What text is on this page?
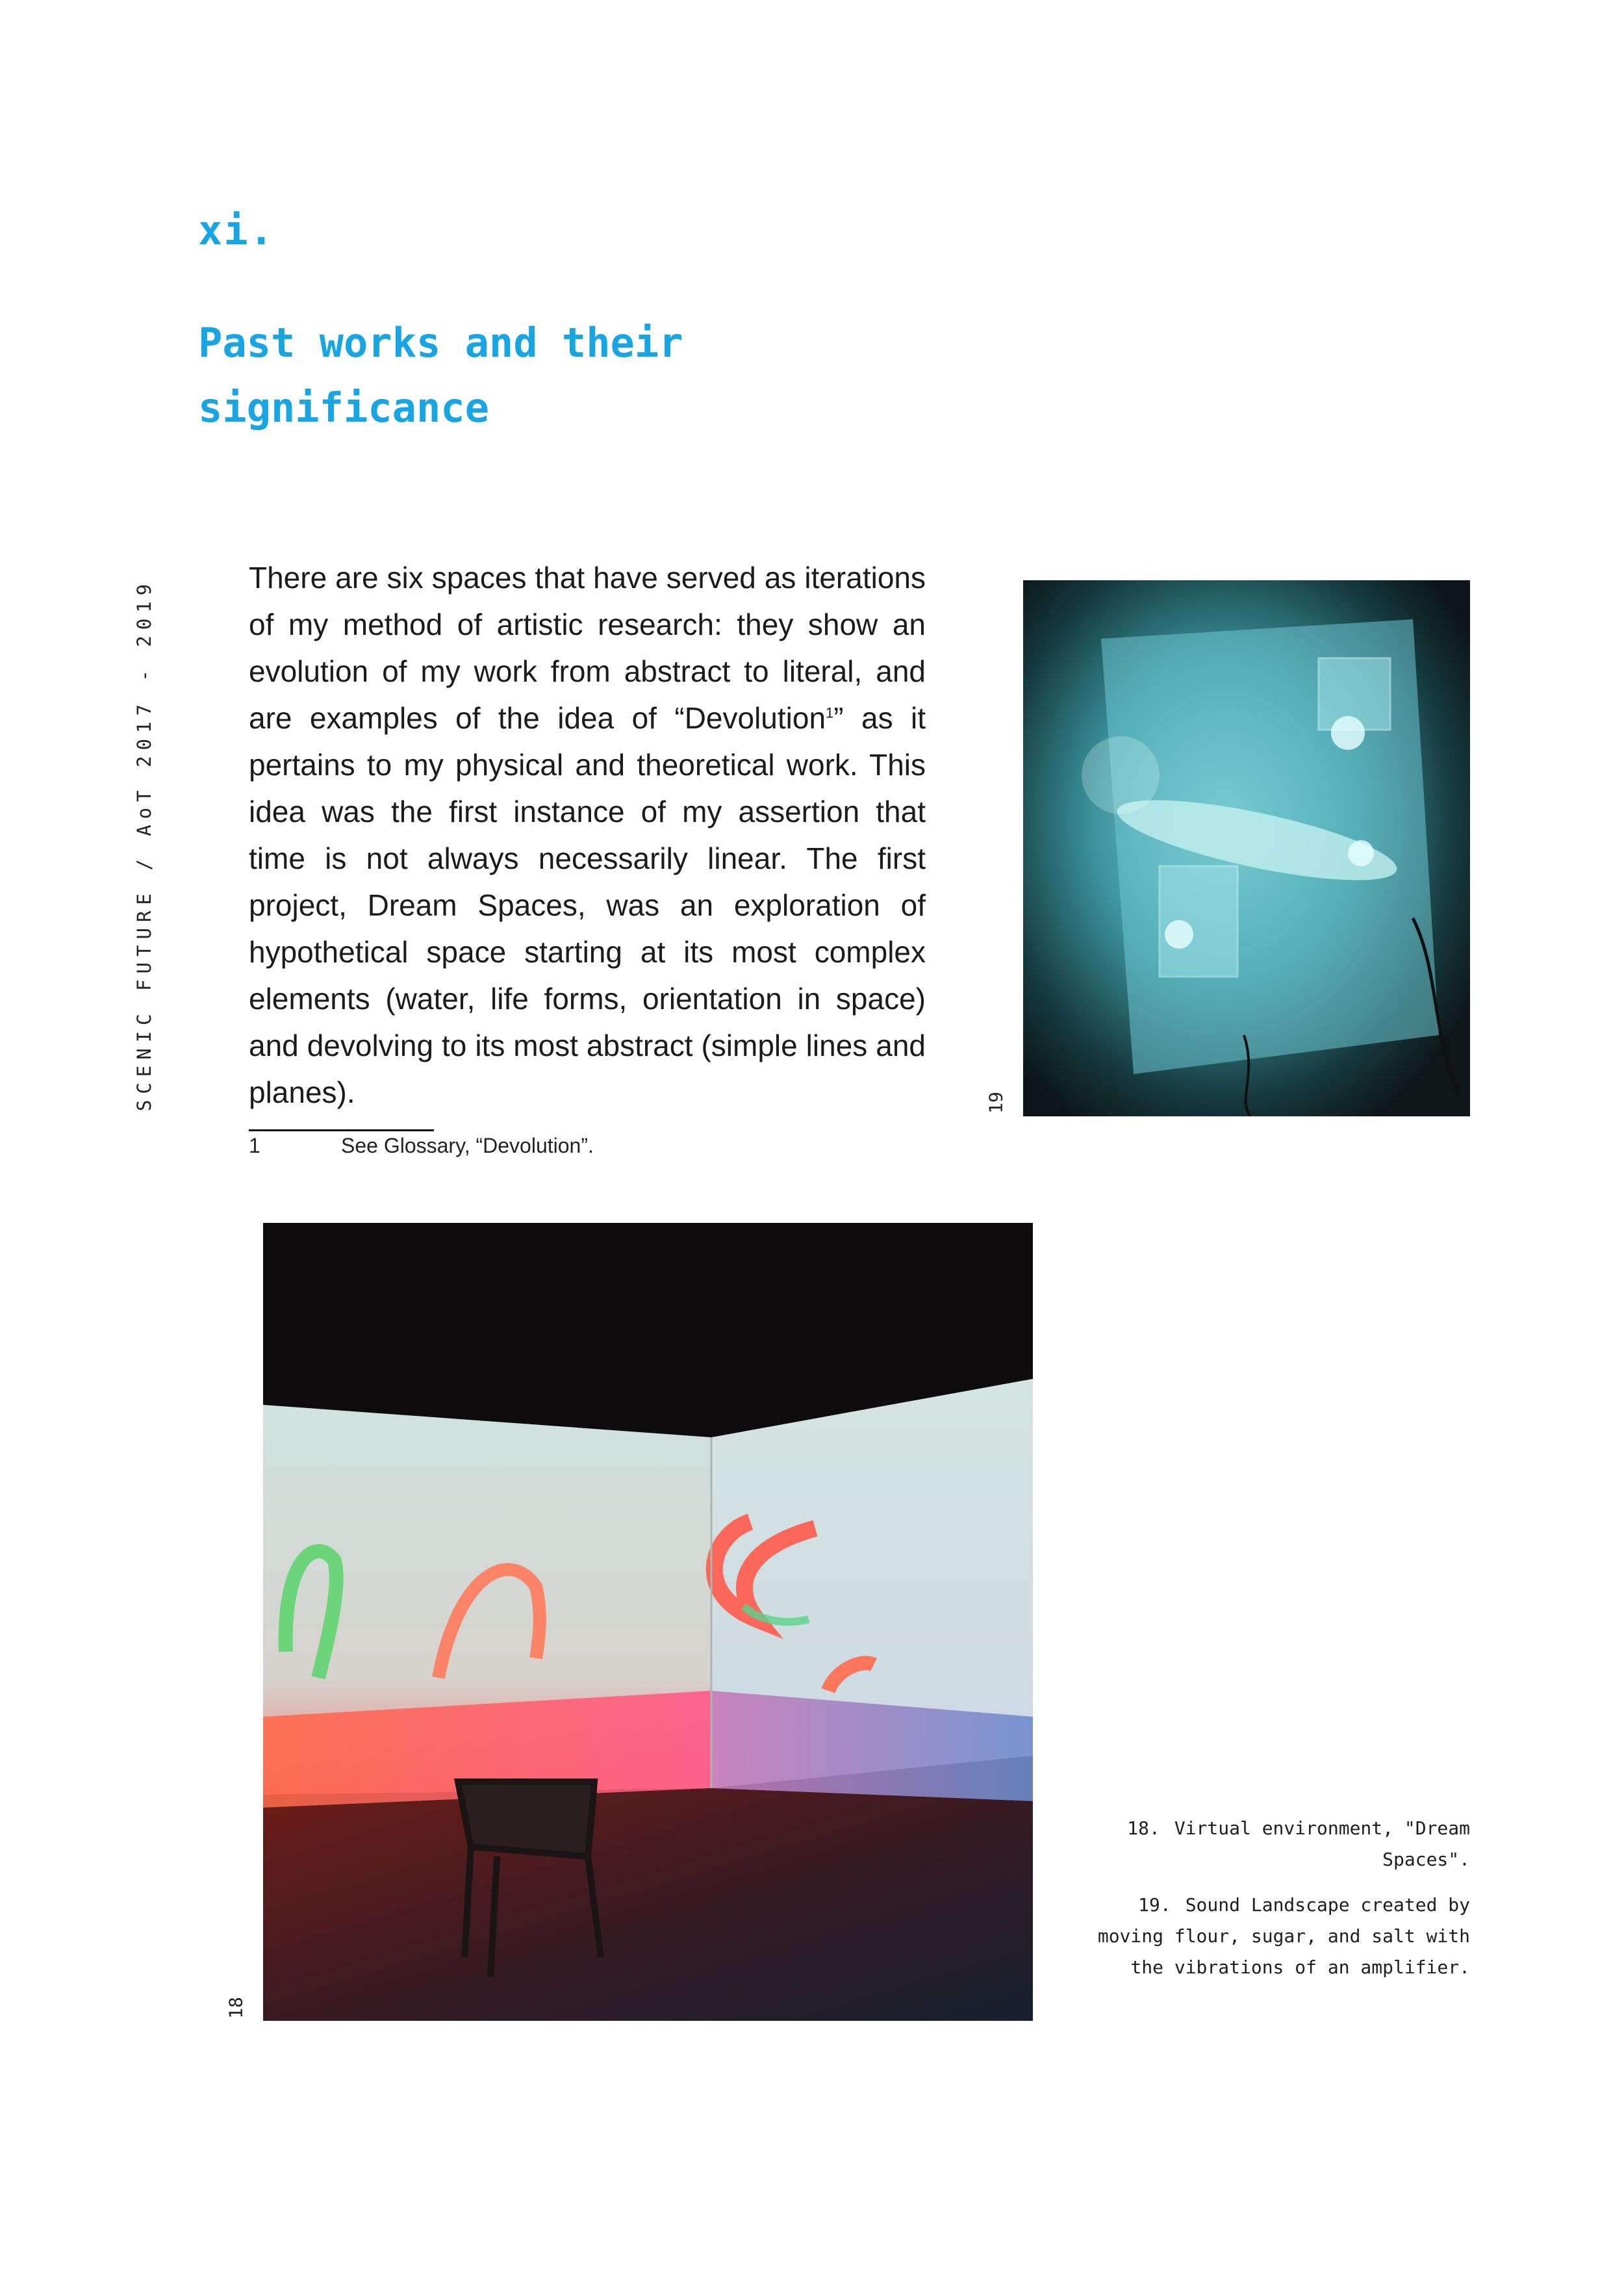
xi.
Past works and their significance
SCENIC FUTURE / AoT 2017 - 2019

There are six spaces that have served as iterations of my method of artistic research: they show an evolution of my work from abstract to literal, and are examples of the idea of “Devolution$^1$” as it pertains to my physical and theoretical work. This idea was the first instance of my assertion that time is not always necessarily linear. The first project, Dream Spaces, was an exploration of hypothetical space starting at its most complex elements (water, life forms, orientation in space) and devolving to its most abstract (simple lines and planes).

1	See Glossary, “Devolution”.
19
18

18. Virtual environment, "Dream Spaces".

19. Sound Landscape created by moving flour, sugar, and salt with the vibrations of an amplifier.
